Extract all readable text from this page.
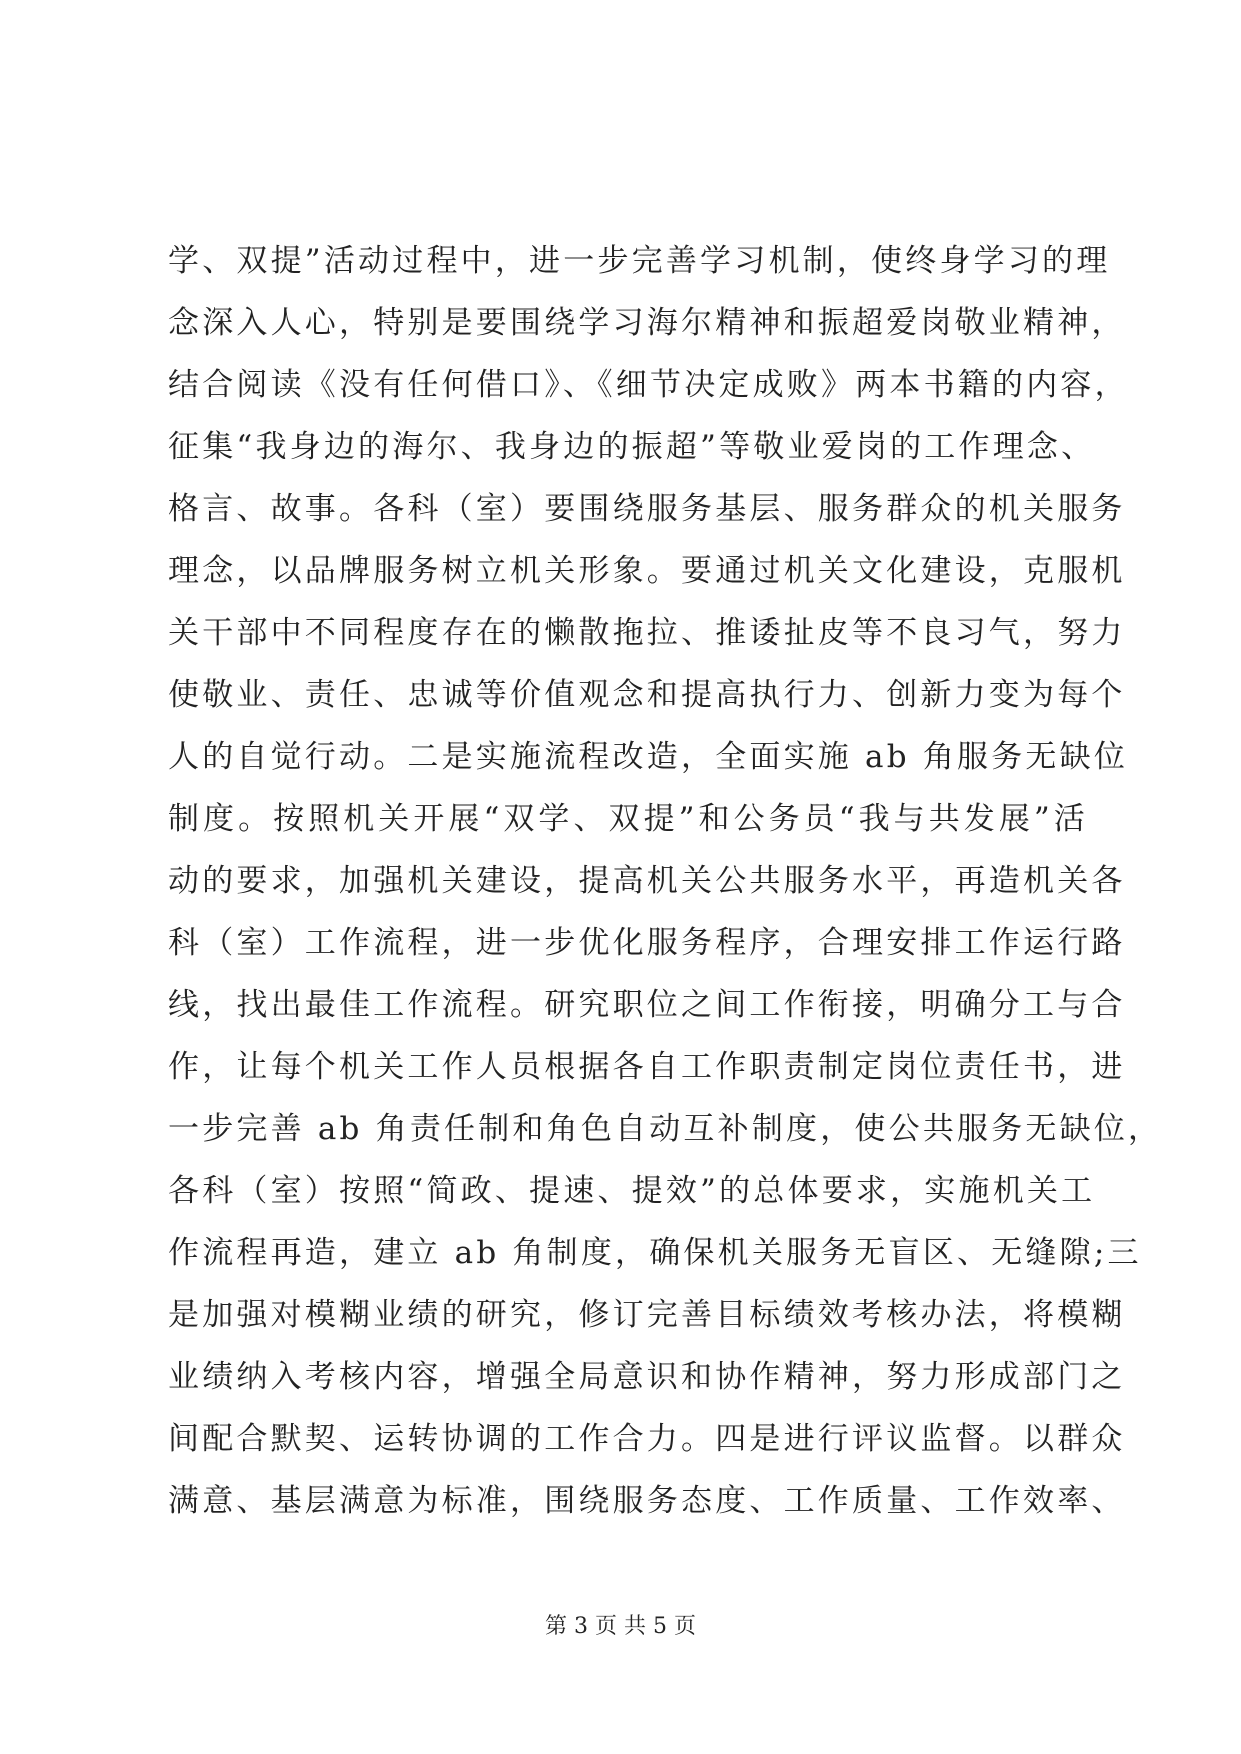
学、双提”活动过程中，进一步完善学习机制，使终身学习的理
念深入人心，特别是要围绕学习海尔精神和振超爱岗敬业精神，
结合阅读《没有任何借口》、《细节决定成败》两本书籍的内容，
征集“我身边的海尔、我身边的振超”等敬业爱岗的工作理念、
格言、故事。各科（室）要围绕服务基层、服务群众的机关服务
理念，以品牌服务树立机关形象。要通过机关文化建设，克服机
关干部中不同程度存在的懒散拖拉、推诿扯皮等不良习气，努力
使敬业、责任、忠诚等价值观念和提高执行力、创新力变为每个
人的自觉行动。二是实施流程改造，全面实施 ab 角服务无缺位
制度。按照机关开展“双学、双提”和公务员“我与共发展”活
动的要求，加强机关建设，提高机关公共服务水平，再造机关各
科（室）工作流程，进一步优化服务程序，合理安排工作运行路
线，找出最佳工作流程。研究职位之间工作衔接，明确分工与合
作，让每个机关工作人员根据各自工作职责制定岗位责任书，进
一步完善 ab 角责任制和角色自动互补制度，使公共服务无缺位，
各科（室）按照“简政、提速、提效”的总体要求，实施机关工
作流程再造，建立 ab 角制度，确保机关服务无盲区、无缝隙;三
是加强对模糊业绩的研究，修订完善目标绩效考核办法，将模糊
业绩纳入考核内容，增强全局意识和协作精神，努力形成部门之
间配合默契、运转协调的工作合力。四是进行评议监督。以群众
满意、基层满意为标准，围绕服务态度、工作质量、工作效率、
第 3 页 共 5 页
